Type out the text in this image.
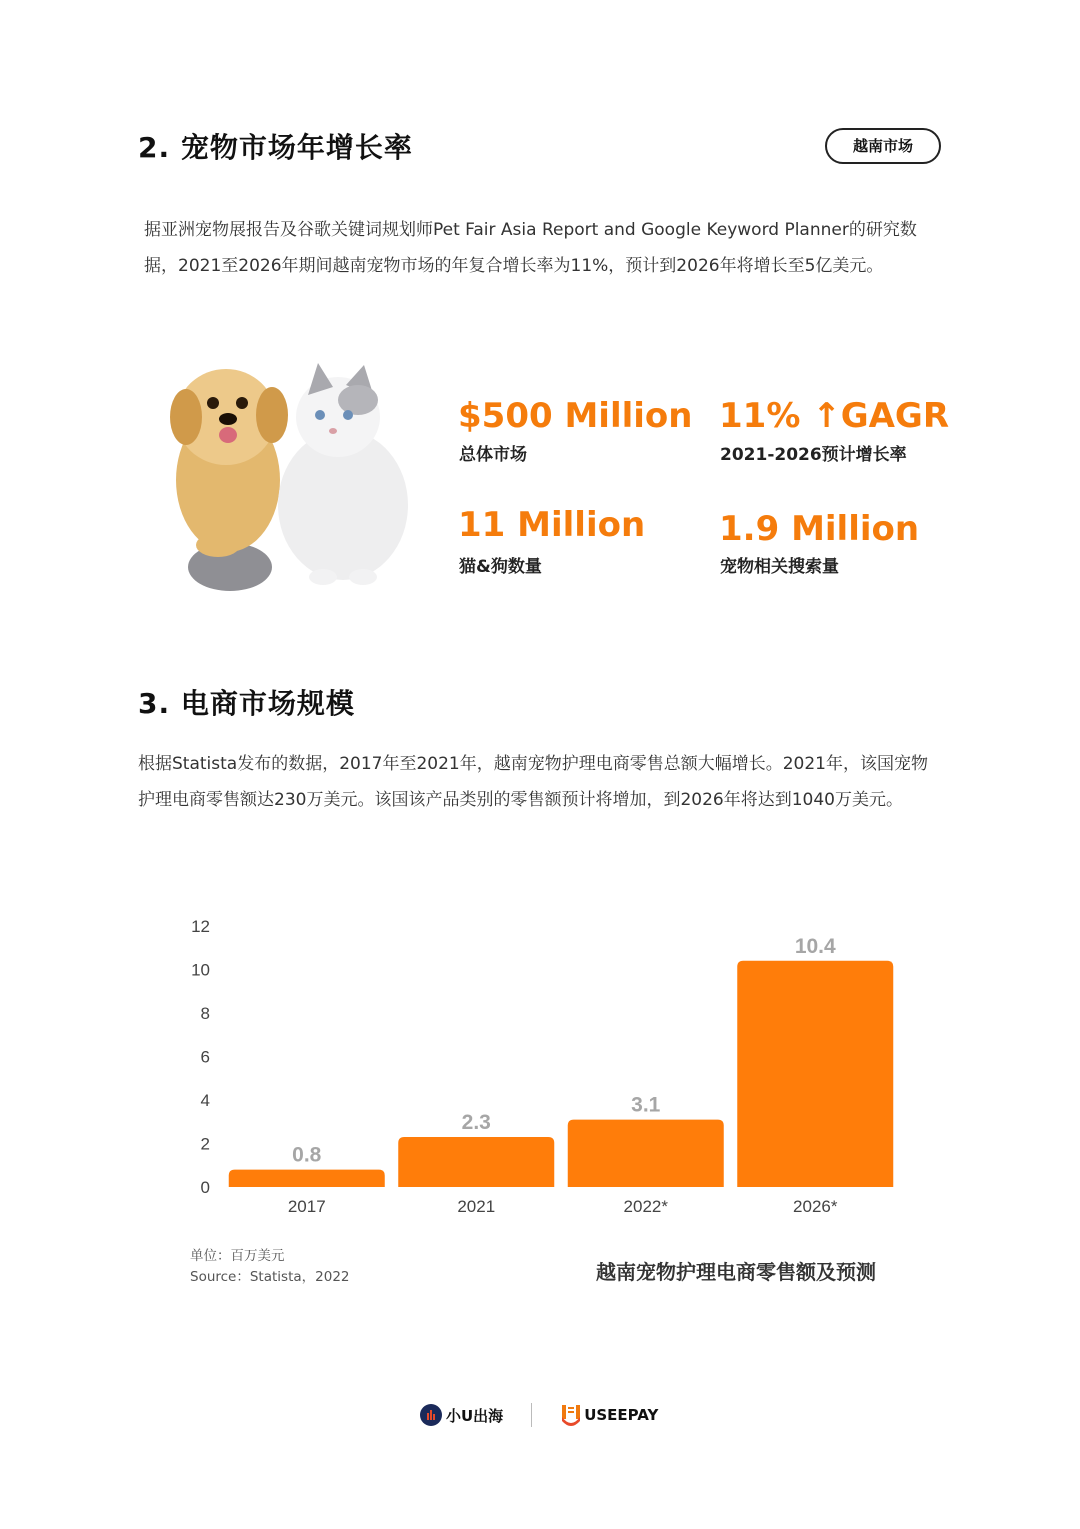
2. 宠物市场年增长率	越南市场
据亚洲宠物展报告及谷歌关键词规划师Pet Fair Asia Report and Google Keyword Planner的研究数据，2021至2026年期间越南宠物市场的年复合增长率为11%，预计到2026年将增长至5亿美元。
$500 Million
总体市场
11% ↑GAGR
2021-2026预计增长率
11 Million
猫&狗数量
1.9 Million
宠物相关搜索量
3. 电商市场规模
根据Statista发布的数据，2017年至2021年，越南宠物护理电商零售总额大幅增长。2021年，该国宠物护理电商零售额达230万美元。该国该产品类别的零售额预计将增加，到2026年将达到1040万美元。
0
2
4
6
8
10
12
0.8
2017
2.3
2021
3.1
2022*
10.4
2026*
单位：百万美元
Source：Statista，2022	越南宠物护理电商零售额及预测
小U出海	USEEPAY
